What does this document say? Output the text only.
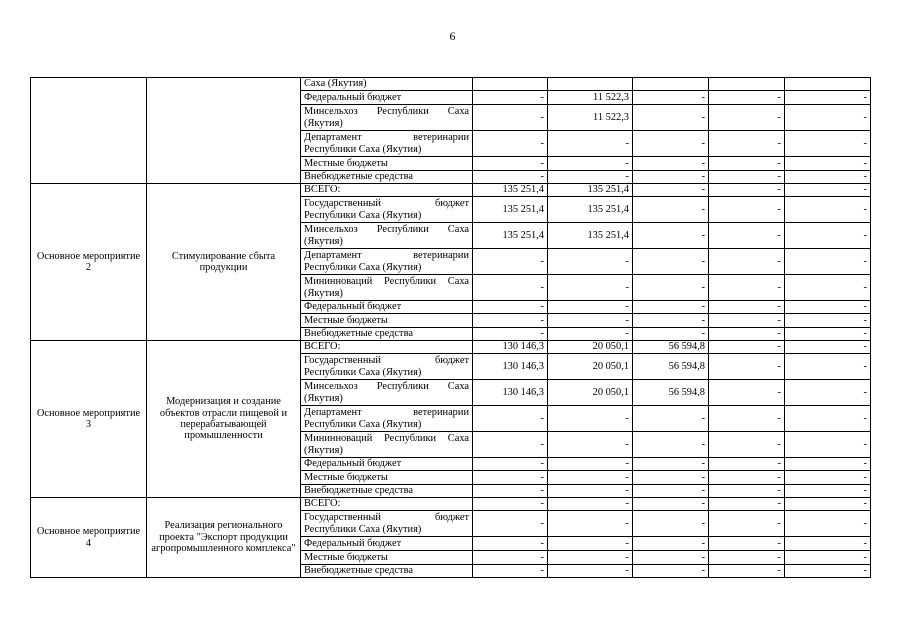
6
		Саха (Якутия)					
		Федеральный бюджет	-	11 522,3	-	-	-
		Минсельхоз Республики Саха (Якутия)	-	11 522,3	-	-	-
		Департамент ветеринарии Республики Саха (Якутия)	-	-	-	-	-
		Местные бюджеты	-	-	-	-	-
		Внебюджетные средства	-	-	-	-	-
Основное мероприятие 2	Стимулирование сбыта продукции	ВСЕГО:	135 251,4	135 251,4	-	-	-
		Государственный бюджет Республики Саха (Якутия)	135 251,4	135 251,4	-	-	-
		Минсельхоз Республики Саха (Якутия)	135 251,4	135 251,4	-	-	-
		Департамент ветеринарии Республики Саха (Якутия)	-	-	-	-	-
		Мининноваций Республики Саха (Якутия)	-	-	-	-	-
		Федеральный бюджет	-	-	-	-	-
		Местные бюджеты	-	-	-	-	-
		Внебюджетные средства	-	-	-	-	-
Основное мероприятие 3	Модернизация и создание объектов отрасли пищевой и перерабатывающей промышленности	ВСЕГО:	130 146,3	20 050,1	56 594,8	-	-
		Государственный бюджет Республики Саха (Якутия)	130 146,3	20 050,1	56 594,8	-	-
		Минсельхоз Республики Саха (Якутия)	130 146,3	20 050,1	56 594,8	-	-
		Департамент ветеринарии Республики Саха (Якутия)	-	-	-	-	-
		Мининноваций Республики Саха (Якутия)	-	-	-	-	-
		Федеральный бюджет	-	-	-	-	-
		Местные бюджеты	-	-	-	-	-
		Внебюджетные средства	-	-	-	-	-
Основное мероприятие 4	Реализация регионального проекта "Экспорт продукции агропромышленного комплекса"	ВСЕГО:	-	-	-	-	-
		Государственный бюджет Республики Саха (Якутия)	-	-	-	-	-
		Федеральный бюджет	-	-	-	-	-
		Местные бюджеты	-	-	-	-	-
		Внебюджетные средства	-	-	-	-	-
